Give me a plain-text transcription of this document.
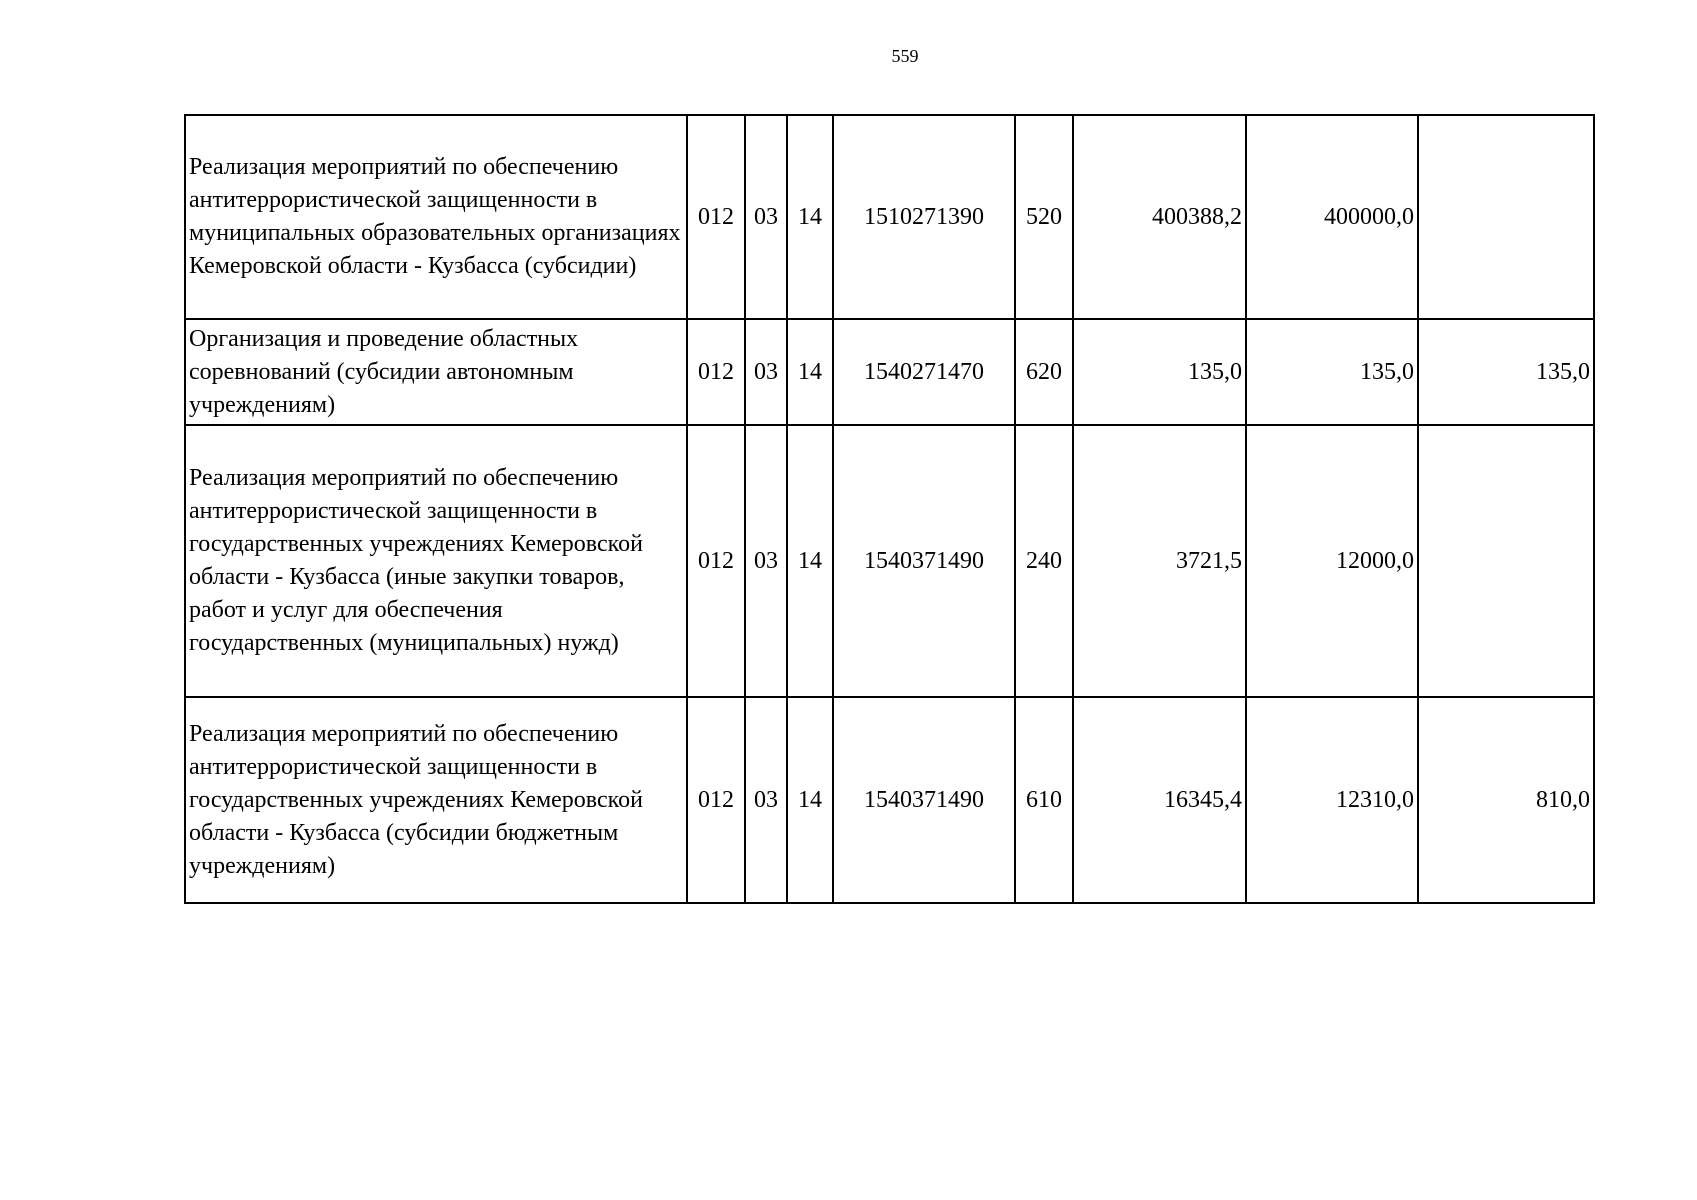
559
Реализация мероприятий по обеспечению антитеррористической защищенности в муниципальных образовательных организациях Кемеровской области - Кузбасса (субсидии)	012	03	14	1510271390	520	400388,2	400000,0	
Организация и проведение областных соревнований (субсидии автономным учреждениям)	012	03	14	1540271470	620	135,0	135,0	135,0
Реализация мероприятий по обеспечению антитеррористической защищенности в государственных учреждениях Кемеровской области - Кузбасса (иные закупки товаров, работ и услуг для обеспечения государственных (муниципальных) нужд)	012	03	14	1540371490	240	3721,5	12000,0	
Реализация мероприятий по обеспечению антитеррористической защищенности в государственных учреждениях Кемеровской области - Кузбасса (субсидии бюджетным учреждениям)	012	03	14	1540371490	610	16345,4	12310,0	810,0
